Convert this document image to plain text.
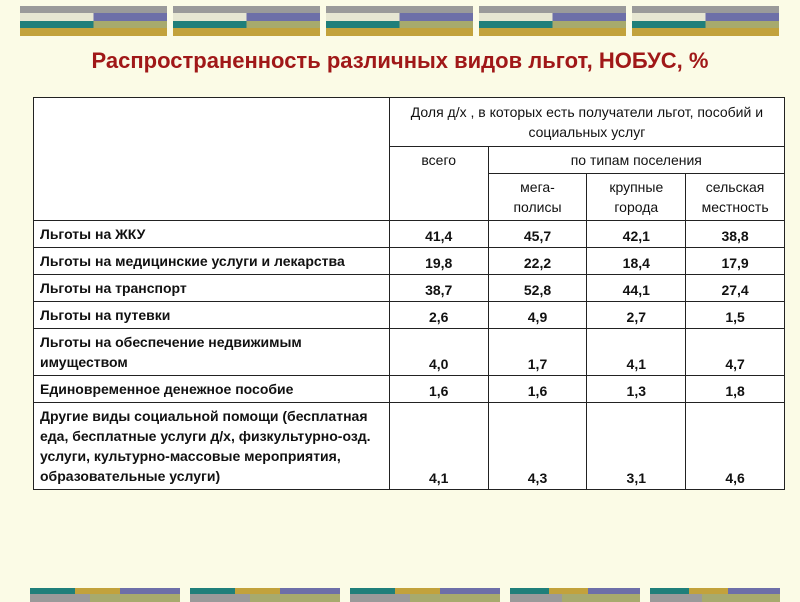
Распространенность различных видов льгот, НОБУС, %
	Доля д/х , в которых есть получатели льгот, пособий и социальных услуг			
	всего	по типам поселения		
		мега- полисы	крупные города	сельская местность
Льготы на ЖКУ	41,4	45,7	42,1	38,8
Льготы на медицинские услуги и лекарства	19,8	22,2	18,4	17,9
Льготы на транспорт	38,7	52,8	44,1	27,4
Льготы на путевки	2,6	4,9	2,7	1,5
Льготы на обеспечение недвижимым имуществом	4,0	1,7	4,1	4,7
Единовременное денежное пособие	1,6	1,6	1,3	1,8
Другие виды социальной помощи (бесплатная еда, бесплатные услуги д/х, физкультурно-озд. услуги, культурно-массовые мероприятия, образовательные услуги)	4,1	4,3	3,1	4,6
